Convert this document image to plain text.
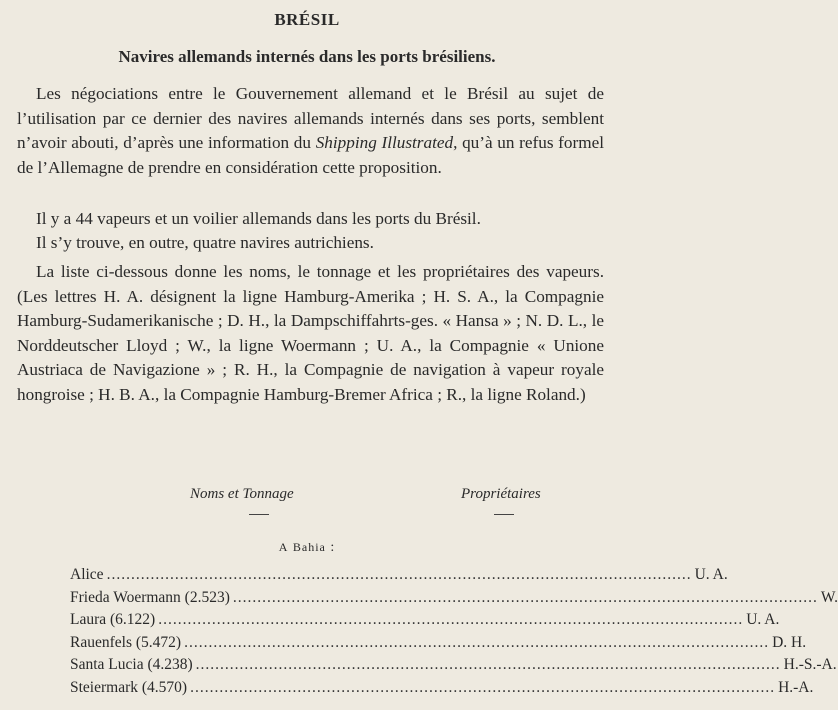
BRÉSIL
Navires allemands internés dans les ports brésiliens.

Les négociations entre le Gouvernement allemand et le Brésil au sujet de l’utilisation par ce dernier des navires allemands internés dans ses ports, semblent n’avoir abouti, d’après une information du Shipping Illustrated, qu’à un refus formel de l’Allemagne de prendre en considération cette proposition.

Il y a 44 vapeurs et un voilier allemands dans les ports du Brésil.

Il s’y trouve, en outre, quatre navires autrichiens.

La liste ci-dessous donne les noms, le tonnage et les propriétaires des vapeurs. (Les lettres H. A. désignent la ligne Hamburg-Amerika ; H. S. A., la Compagnie Hamburg-Sudamerikanische ; D. H., la Dampschiffahrts-ges. « Hansa » ; N. D. L., le Norddeutscher Lloyd ; W., la ligne Woermann ; U. A., la Compagnie « Unione Austriaca de Navigazione » ; R. H., la Compagnie de navigation à vapeur royale hongroise ; H. B. A., la Compagnie Hamburg-Bremer Africa ; R., la ligne Roland.)

Noms et Tonnage	Propriétaires
A Bahia :
Alice ........................................................................................................................ U. A.
Frieda Woermann (2.523) ........................................................................................................................ W.
Laura (6.122) ........................................................................................................................ U. A.
Rauenfels (5.472) ........................................................................................................................ D. H.
Santa Lucia (4.238) ........................................................................................................................ H.-S.-A.
Steiermark (4.570) ........................................................................................................................ H.-A.
